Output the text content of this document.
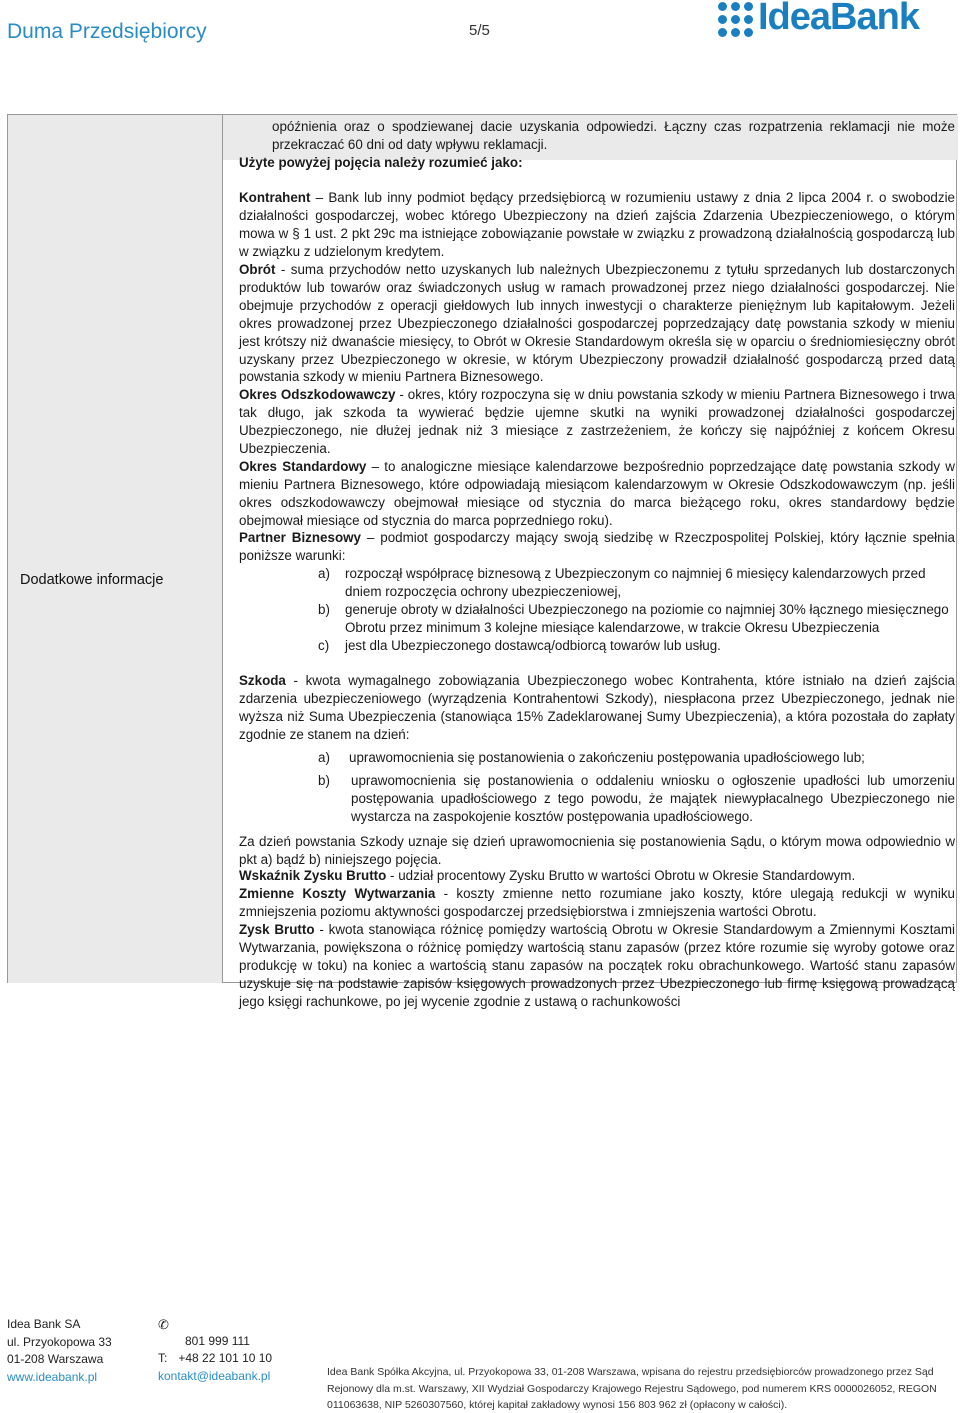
Duma Przedsiębiorcy	5/5	IdeaBank
Dodatkowe informacje
opóźnienia oraz o spodziewanej dacie uzyskania odpowiedzi. Łączny czas rozpatrzenia reklamacji nie może przekraczać 60 dni od daty wpływu reklamacji.
Użyte powyżej pojęcia należy rozumieć jako:
Kontrahent – Bank lub inny podmiot będący przedsiębiorcą w rozumieniu ustawy z dnia 2 lipca 2004 r. o swobodzie działalności gospodarczej, wobec którego Ubezpieczony na dzień zajścia Zdarzenia Ubezpieczeniowego, o którym mowa w § 1 ust. 2 pkt 29c ma istniejące zobowiązanie powstałe w związku z prowadzoną działalnością gospodarczą lub w związku z udzielonym kredytem.
Obrót - suma przychodów netto uzyskanych lub należnych Ubezpieczonemu z tytułu sprzedanych lub dostarczonych produktów lub towarów oraz świadczonych usług w ramach prowadzonej przez niego działalności gospodarczej. Nie obejmuje przychodów z operacji giełdowych lub innych inwestycji o charakterze pieniężnym lub kapitałowym. Jeżeli okres prowadzonej przez Ubezpieczonego działalności gospodarczej poprzedzający datę powstania szkody w mieniu jest krótszy niż dwanaście miesięcy, to Obrót w Okresie Standardowym określa się w oparciu o średniomiesięczny obrót uzyskany przez Ubezpieczonego w okresie, w którym Ubezpieczony prowadził działalność gospodarczą przed datą powstania szkody w mieniu Partnera Biznesowego.
Okres Odszkodowawczy - okres, który rozpoczyna się w dniu powstania szkody w mieniu Partnera Biznesowego i trwa tak długo, jak szkoda ta wywierać będzie ujemne skutki na wyniki prowadzonej działalności gospodarczej Ubezpieczonego, nie dłużej jednak niż 3 miesiące z zastrzeżeniem, że kończy się najpóźniej z końcem Okresu Ubezpieczenia.
Okres Standardowy – to analogiczne miesiące kalendarzowe bezpośrednio poprzedzające datę powstania szkody w mieniu Partnera Biznesowego, które odpowiadają miesiącom kalendarzowym w Okresie Odszkodowawczym (np. jeśli okres odszkodowawczy obejmował miesiące od stycznia do marca bieżącego roku, okres standardowy będzie obejmował miesiące od stycznia do marca poprzedniego roku).
Partner Biznesowy – podmiot gospodarczy mający swoją siedzibę w Rzeczpospolitej Polskiej, który łącznie spełnia poniższe warunki:
a) rozpoczął współpracę biznesową z Ubezpieczonym co najmniej 6 miesięcy kalendarzowych przed dniem rozpoczęcia ochrony ubezpieczeniowej,
b) generuje obroty w działalności Ubezpieczonego na poziomie co najmniej 30% łącznego miesięcznego Obrotu przez minimum 3 kolejne miesiące kalendarzowe, w trakcie Okresu Ubezpieczenia
c) jest dla Ubezpieczonego dostawcą/odbiorcą towarów lub usług.
Szkoda - kwota wymagalnego zobowiązania Ubezpieczonego wobec Kontrahenta, które istniało na dzień zajścia zdarzenia ubezpieczeniowego (wyrządzenia Kontrahentowi Szkody), niespłacona przez Ubezpieczonego, jednak nie wyższa niż Suma Ubezpieczenia (stanowiąca 15% Zadeklarowanej Sumy Ubezpieczenia), a która pozostała do zapłaty zgodnie ze stanem na dzień:
a) uprawomocnienia się postanowienia o zakończeniu postępowania upadłościowego lub;
b) uprawomocnienia się postanowienia o oddaleniu wniosku o ogłoszenie upadłości lub umorzeniu postępowania upadłościowego z tego powodu, że majątek niewypłacalnego Ubezpieczonego nie wystarcza na zaspokojenie kosztów postępowania upadłościowego.
Za dzień powstania Szkody uznaje się dzień uprawomocnienia się postanowienia Sądu, o którym mowa odpowiednio w pkt a) bądź b) niniejszego pojęcia.
Wskaźnik Zysku Brutto - udział procentowy Zysku Brutto w wartości Obrotu w Okresie Standardowym.
Zmienne Koszty Wytwarzania - koszty zmienne netto rozumiane jako koszty, które ulegają redukcji w wyniku zmniejszenia poziomu aktywności gospodarczej przedsiębiorstwa i zmniejszenia wartości Obrotu.
Zysk Brutto - kwota stanowiąca różnicę pomiędzy wartością Obrotu w Okresie Standardowym a Zmiennymi Kosztami Wytwarzania, powiększona o różnicę pomiędzy wartością stanu zapasów (przez które rozumie się wyroby gotowe oraz produkcję w toku) na koniec a wartością stanu zapasów na początek roku obrachunkowego. Wartość stanu zapasów uzyskuje się na podstawie zapisów księgowych prowadzonych przez Ubezpieczonego lub firmę księgową prowadzącą jego księgi rachunkowe, po jej wycenie zgodnie z ustawą o rachunkowości
Idea Bank SA
ul. Przyokopowa 33
01-208 Warszawa
www.ideabank.pl
✆
801 999 111
T: +48 22 101 10 10
kontakt@ideabank.pl	Idea Bank Spółka Akcyjna, ul. Przyokopowa 33, 01-208 Warszawa, wpisana do rejestru przedsiębiorców prowadzonego przez Sąd Rejonowy dla m.st. Warszawy, XII Wydział Gospodarczy Krajowego Rejestru Sądowego, pod numerem KRS 0000026052, REGON 011063638, NIP 5260307560, której kapitał zakładowy wynosi 156 803 962 zł (opłacony w całości).
